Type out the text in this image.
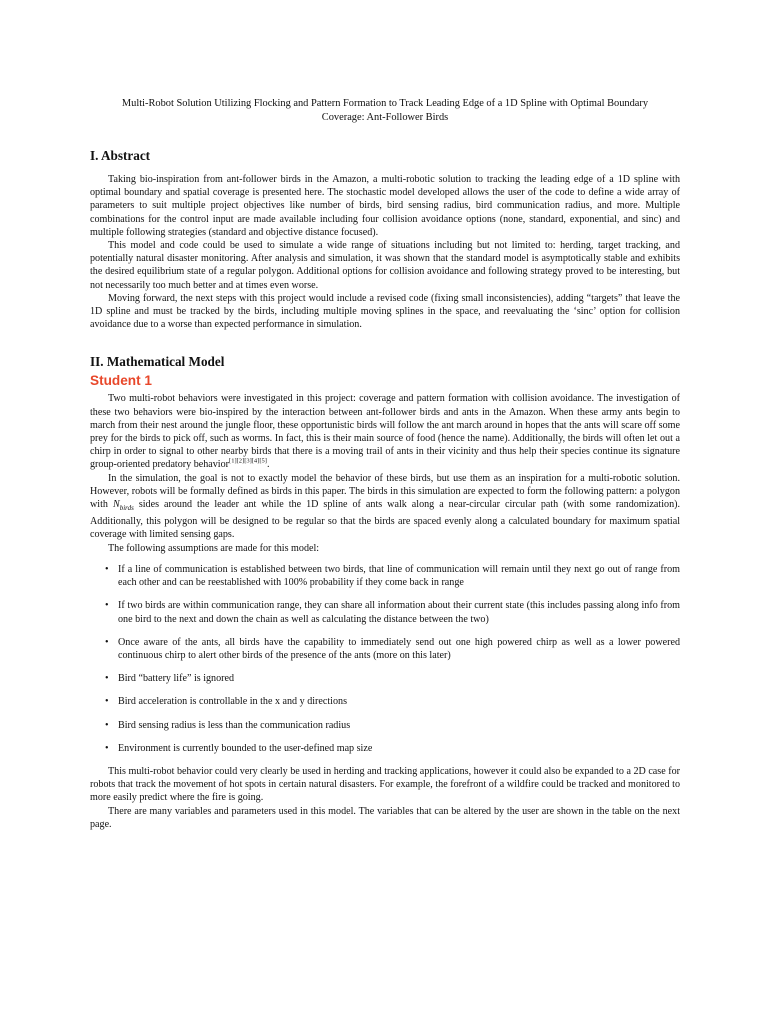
Multi-Robot Solution Utilizing Flocking and Pattern Formation to Track Leading Edge of a 1D Spline with Optimal Boundary
Coverage: Ant-Follower Birds
I. Abstract

Taking bio-inspiration from ant-follower birds in the Amazon, a multi-robotic solution to tracking the leading edge of a 1D spline with optimal boundary and spatial coverage is presented here. The stochastic model developed allows the user of the code to define a wide array of parameters to suit multiple project objectives like number of birds, bird sensing radius, bird communication radius, and more. Multiple combinations for the control input are made available including four collision avoidance options (none, standard, exponential, and sinc) and multiple following strategies (standard and objective distance focused).

This model and code could be used to simulate a wide range of situations including but not limited to: herding, target tracking, and potentially natural disaster monitoring. After analysis and simulation, it was shown that the standard model is asymptotically stable and exhibits the desired equilibrium state of a regular polygon. Additional options for collision avoidance and following strategy proved to be interesting, but not necessarily too much better and at times even worse.

Moving forward, the next steps with this project would include a revised code (fixing small inconsistencies), adding “targets” that leave the 1D spline and must be tracked by the birds, including multiple moving splines in the space, and reevaluating the ‘sinc’ option for collision avoidance due to a worse than expected performance in simulation.

II. Mathematical Model
Student 1

Two multi-robot behaviors were investigated in this project: coverage and pattern formation with collision avoidance. The investigation of these two behaviors were bio-inspired by the interaction between ant-follower birds and ants in the Amazon. When these army ants begin to march from their nest around the jungle floor, these opportunistic birds will follow the ant march around in hopes that the ants will scare off some prey for the birds to pick off, such as worms. In fact, this is their main source of food (hence the name). Additionally, the birds will often let out a chirp in order to signal to other nearby birds that there is a moving trail of ants in their vicinity and thus help their species continue its signature group-oriented predatory behavior[1][2][3][4][5].

In the simulation, the goal is not to exactly model the behavior of these birds, but use them as an inspiration for a multi-robotic solution. However, robots will be formally defined as birds in this paper. The birds in this simulation are expected to form the following pattern: a polygon with $N_{birds}$ sides around the leader ant while the 1D spline of ants walk along a near-circular circular path (with some randomization). Additionally, this polygon will be designed to be regular so that the birds are spaced evenly along a calculated boundary for maximum spatial coverage with limited sensing gaps.

The following assumptions are made for this model:

• If a line of communication is established between two birds, that line of communication will remain until they next go out of range from each other and can be reestablished with 100% probability if they come back in range
• If two birds are within communication range, they can share all information about their current state (this includes passing along info from one bird to the next and down the chain as well as calculating the distance between the two)
• Once aware of the ants, all birds have the capability to immediately send out one high powered chirp as well as a lower powered continuous chirp to alert other birds of the presence of the ants (more on this later)
• Bird “battery life” is ignored
• Bird acceleration is controllable in the x and y directions
• Bird sensing radius is less than the communication radius
• Environment is currently bounded to the user-defined map size

This multi-robot behavior could very clearly be used in herding and tracking applications, however it could also be expanded to a 2D case for robots that track the movement of hot spots in certain natural disasters. For example, the forefront of a wildfire could be tracked and monitored to more easily predict where the fire is going.

There are many variables and parameters used in this model. The variables that can be altered by the user are shown in the table on the next page.
